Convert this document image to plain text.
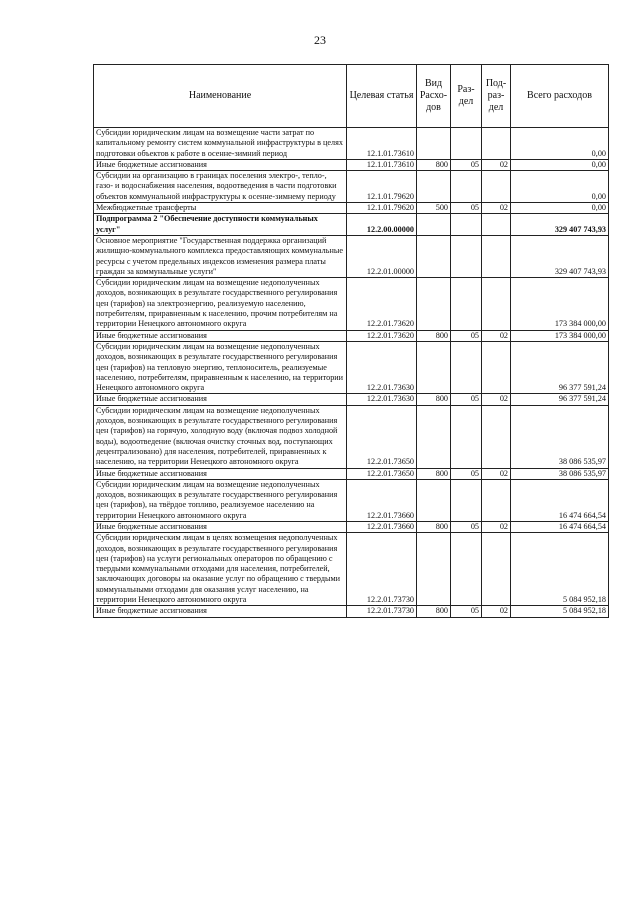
23
Наименование	Целевая статья	Вид Расхо-дов	Раз-дел	Под-раз-дел	Всего расходов
Субсидии юридическим лицам на возмещение части затрат по капитальному ремонту систем коммунальной инфраструктуры в целях подготовки объектов к работе в осенне-зимний период	12.1.01.73610				0,00
Иные бюджетные ассигнования	12.1.01.73610	800	05	02	0,00
Субсидии на организацию в границах поселения электро-, тепло-, газо- и водоснабжения населения, водоотведения в части подготовки объектов коммунальной инфраструктуры к осенне-зимнему периоду	12.1.01.79620				0,00
Межбюджетные трансферты	12.1.01.79620	500	05	02	0,00
Подпрограмма 2 "Обеспечение доступности коммунальных услуг"	12.2.00.00000				329 407 743,93
Основное мероприятие "Государственная поддержка организаций жилищно-коммунального комплекса предоставляющих коммунальные ресурсы с учетом предельных индексов изменения размера платы граждан за коммунальные услуги"	12.2.01.00000				329 407 743,93
Субсидии юридическим лицам на возмещение недополученных доходов, возникающих в результате государственного регулирования цен (тарифов) на электроэнергию, реализуемую населению, потребителям, приравненным к населению, прочим потребителям на территории Ненецкого автономного округа	12.2.01.73620				173 384 000,00
Иные бюджетные ассигнования	12.2.01.73620	800	05	02	173 384 000,00
Субсидии юридическим лицам на возмещение недополученных доходов, возникающих в результате государственного регулирования цен (тарифов) на тепловую энергию, теплоноситель, реализуемые населению, потребителям, приравненным к населению, на территории Ненецкого автономного округа	12.2.01.73630				96 377 591,24
Иные бюджетные ассигнования	12.2.01.73630	800	05	02	96 377 591,24
Субсидии юридическим лицам на возмещение недополученных доходов, возникающих в результате государственного регулирования цен (тарифов) на горячую, холодную воду (включая подвоз холодной воды), водоотведение (включая очистку сточных вод, поступающих децентрализовано) для населения, потребителей, приравненных к населению, на территории Ненецкого автономного округа	12.2.01.73650				38 086 535,97
Иные бюджетные ассигнования	12.2.01.73650	800	05	02	38 086 535,97
Субсидии юридическим лицам на возмещение недополученных доходов, возникающих в результате государственного регулирования цен (тарифов), на твёрдое топливо, реализуемое населению на территории Ненецкого автономного округа	12.2.01.73660				16 474 664,54
Иные бюджетные ассигнования	12.2.01.73660	800	05	02	16 474 664,54
Субсидии юридическим лицам в целях возмещения недополученных доходов, возникающих в результате государственного регулирования цен (тарифов) на услуги региональных операторов по обращению с твердыми коммунальными отходами для населения, потребителей, заключающих договоры на оказание услуг по обращению с твердыми коммунальными отходами для оказания услуг населению, на территории Ненецкого автономного округа	12.2.01.73730				5 084 952,18
Иные бюджетные ассигнования	12.2.01.73730	800	05	02	5 084 952,18
